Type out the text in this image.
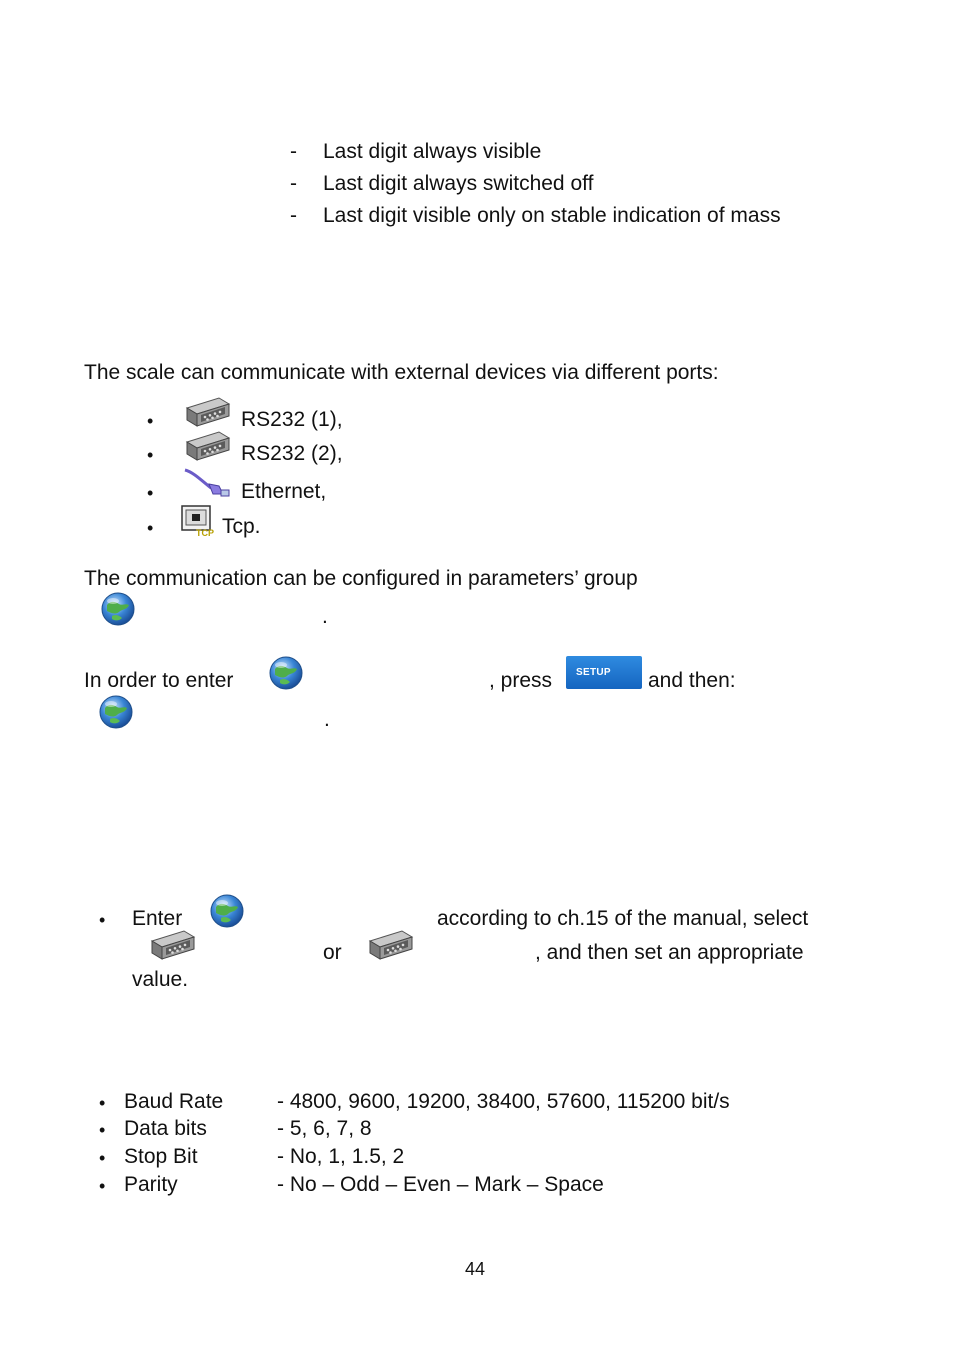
- Last digit always visible
- Last digit always switched off
- Last digit visible only on stable indication of mass
The scale can communicate with external devices via different ports:
•	RS232 (1),
•	RS232 (2),
•	Ethernet,
•	Tcp.
The communication can be configured in parameters’ group
.
In order to enter	, press	SETUP	and then:
.
• Enter	according to ch.15 of the manual, select
or	, and then set an appropriate
value.
• Baud Rate	- 4800, 9600, 19200, 38400, 57600, 115200 bit/s
• Data bits	- 5, 6, 7, 8
• Stop Bit	- No, 1, 1.5, 2
• Parity	- No – Odd – Even – Mark – Space
44
